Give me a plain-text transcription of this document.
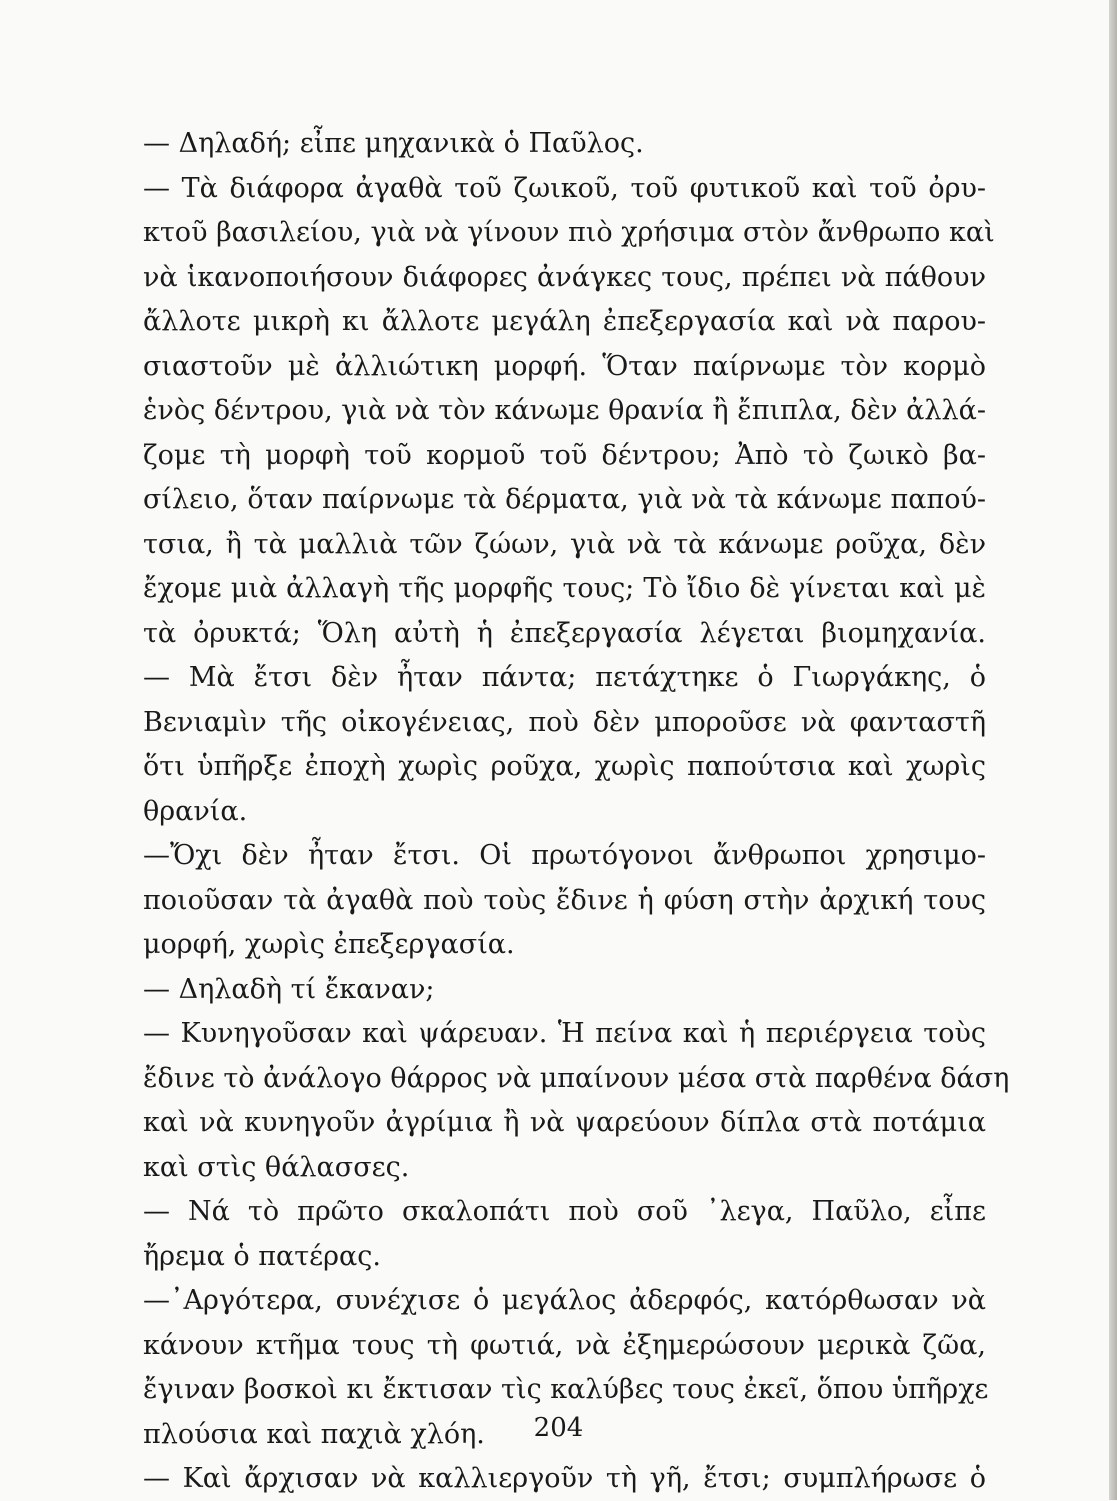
— Δηλαδή; εἶπε μηχανικὰ ὁ Παῦλος.
— Τὰ διάφορα ἀγαθὰ τοῦ ζωικοῦ, τοῦ φυτικοῦ καὶ τοῦ ὀρυ-
κτοῦ βασιλείου, γιὰ νὰ γίνουν πιὸ χρήσιμα στὸν ἄνθρωπο καὶ
νὰ ἱκανοποιήσουν διάφορες ἀνάγκες τους, πρέπει νὰ πάθουν
ἄλλοτε μικρὴ κι ἄλλοτε μεγάλη ἐπεξεργασία καὶ νὰ παρου-
σιαστοῦν μὲ ἀλλιώτικη μορφή. Ὅταν παίρνωμε τὸν κορμὸ
ἑνὸς δέντρου, γιὰ νὰ τὸν κάνωμε θρανία ἢ ἔπιπλα, δὲν ἀλλά-
ζομε τὴ μορφὴ τοῦ κορμοῦ τοῦ δέντρου; Ἀπὸ τὸ ζωικὸ βα-
σίλειο, ὅταν παίρνωμε τὰ δέρματα, γιὰ νὰ τὰ κάνωμε παπού-
τσια, ἢ τὰ μαλλιὰ τῶν ζώων, γιὰ νὰ τὰ κάνωμε ροῦχα, δὲν
ἔχομε μιὰ ἀλλαγὴ τῆς μορφῆς τους; Τὸ ἴδιο δὲ γίνεται καὶ μὲ
τὰ ὀρυκτά; Ὅλη αὐτὴ ἡ ἐπεξεργασία λέγεται βιομηχανία.
— Μὰ ἔτσι δὲν ἦταν πάντα; πετάχτηκε ὁ Γιωργάκης, ὁ
Βενιαμὶν τῆς οἰκογένειας, ποὺ δὲν μποροῦσε νὰ φανταστῆ
ὅτι ὑπῆρξε ἐποχὴ χωρὶς ροῦχα, χωρὶς παπούτσια καὶ χωρὶς
θρανία.
—Ὄχι δὲν ἦταν ἔτσι. Οἱ πρωτόγονοι ἄνθρωποι χρησιμο-
ποιοῦσαν τὰ ἀγαθὰ ποὺ τοὺς ἔδινε ἡ φύση στὴν ἀρχική τους
μορφή, χωρὶς ἐπεξεργασία.
— Δηλαδὴ τί ἔκαναν;
— Κυνηγοῦσαν καὶ ψάρευαν. Ἡ πείνα καὶ ἡ περιέργεια τοὺς
ἔδινε τὸ ἀνάλογο θάρρος νὰ μπαίνουν μέσα στὰ παρθένα δάση
καὶ νὰ κυνηγοῦν ἀγρίμια ἢ νὰ ψαρεύουν δίπλα στὰ ποτάμια
καὶ στὶς θάλασσες.
— Νά τὸ πρῶτο σκαλοπάτι ποὺ σοῦ ᾽λεγα, Παῦλο, εἶπε
ἤρεμα ὁ πατέρας.
—᾽Αργότερα, συνέχισε ὁ μεγάλος ἀδερφός, κατόρθωσαν νὰ
κάνουν κτῆμα τους τὴ φωτιά, νὰ ἐξημερώσουν μερικὰ ζῶα,
ἔγιναν βοσκοὶ κι ἔκτισαν τὶς καλύβες τους ἐκεῖ, ὅπου ὑπῆρχε
πλούσια καὶ παχιὰ χλόη.
— Καὶ ἄρχισαν νὰ καλλιεργοῦν τὴ γῆ, ἔτσι; συμπλήρωσε ὁ
204
